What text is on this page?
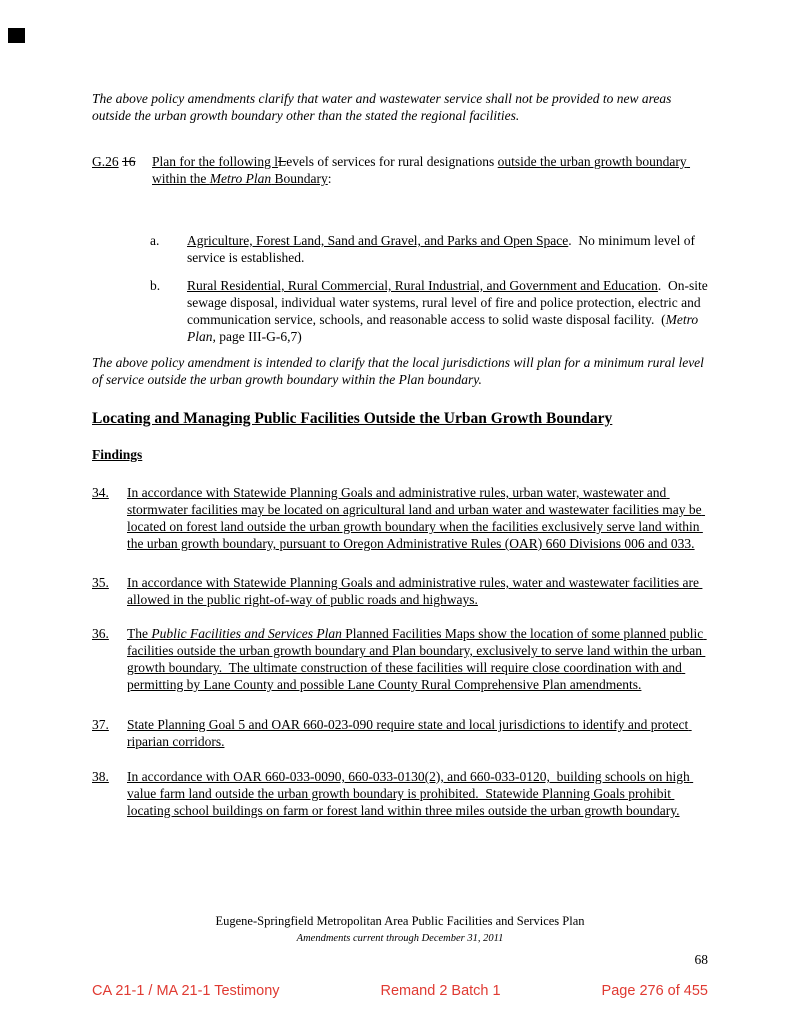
The above policy amendments clarify that water and wastewater service shall not be provided to new areas outside the urban growth boundary other than the stated the regional facilities.

G.26 16	Plan for the following lLevels of services for rural designations outside the urban growth boundary within the Metro Plan Boundary:
a.	Agriculture, Forest Land, Sand and Gravel, and Parks and Open Space.  No minimum level of service is established.
b.	Rural Residential, Rural Commercial, Rural Industrial, and Government and Education.  On-site sewage disposal, individual water systems, rural level of fire and police protection, electric and communication service, schools, and reasonable access to solid waste disposal facility.  (Metro Plan, page III-G-6,7)

The above policy amendment is intended to clarify that the local jurisdictions will plan for a minimum rural level of service outside the urban growth boundary within the Plan boundary.

Locating and Managing Public Facilities Outside the Urban Growth Boundary
Findings
34.	In accordance with Statewide Planning Goals and administrative rules, urban water, wastewater and stormwater facilities may be located on agricultural land and urban water and wastewater facilities may be located on forest land outside the urban growth boundary when the facilities exclusively serve land within the urban growth boundary, pursuant to Oregon Administrative Rules (OAR) 660 Divisions 006 and 033.
35.	In accordance with Statewide Planning Goals and administrative rules, water and wastewater facilities are allowed in the public right-of-way of public roads and highways.
36.	The Public Facilities and Services Plan Planned Facilities Maps show the location of some planned public facilities outside the urban growth boundary and Plan boundary, exclusively to serve land within the urban growth boundary.  The ultimate construction of these facilities will require close coordination with and permitting by Lane County and possible Lane County Rural Comprehensive Plan amendments.
37.	State Planning Goal 5 and OAR 660-023-090 require state and local jurisdictions to identify and protect riparian corridors.
38.	In accordance with OAR 660-033-0090, 660-033-0130(2), and 660-033-0120,  building schools on high value farm land outside the urban growth boundary is prohibited.  Statewide Planning Goals prohibit locating school buildings on farm or forest land within three miles outside the urban growth boundary.
Eugene-Springfield Metropolitan Area Public Facilities and Services Plan
Amendments current through December 31, 2011
68
CA 21-1 / MA 21-1 Testimony	Remand 2 Batch 1	Page 276 of 455
